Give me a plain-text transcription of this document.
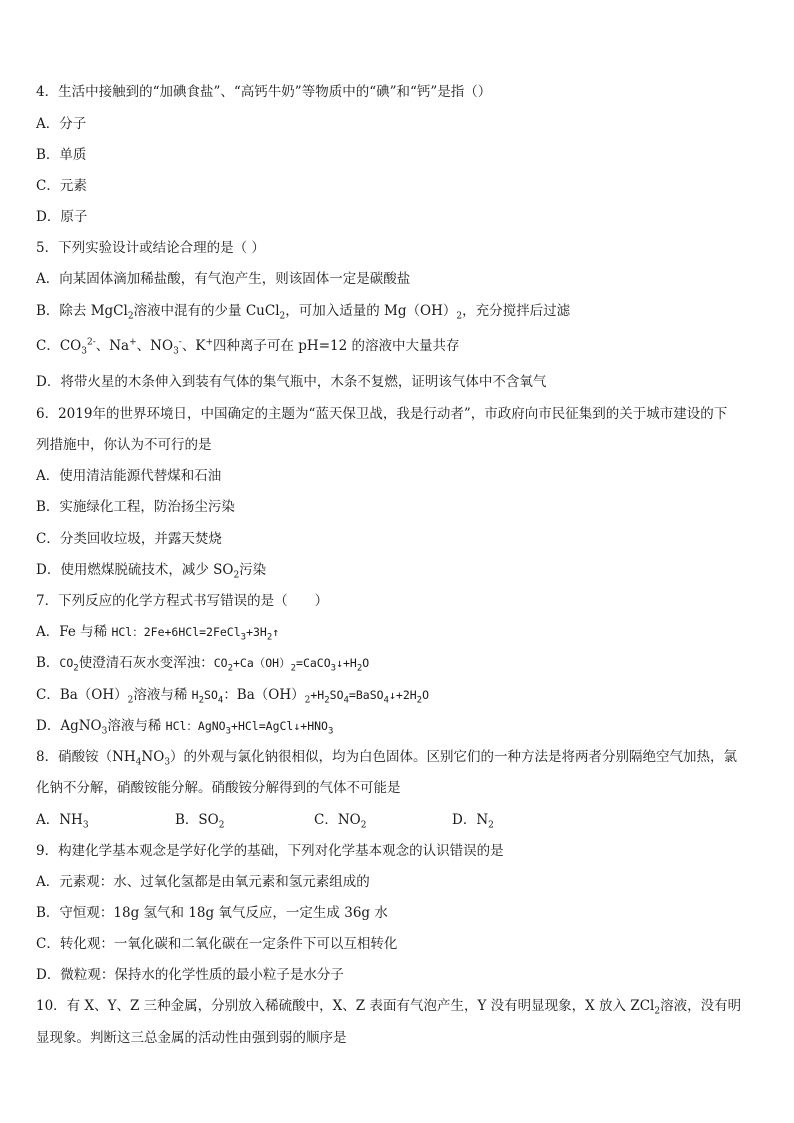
4．生活中接触到的“加碘食盐”、“高钙牛奶”等物质中的“碘”和“钙”是指（）
A．分子
B．单质
C．元素
D．原子
5．下列实验设计或结论合理的是（ ）
A．向某固体滴加稀盐酸，有气泡产生，则该固体一定是碳酸盐
B．除去 MgCl$_2$溶液中混有的少量 CuCl$_2$，可加入适量的 $Mg(OH)_2$，充分搅拌后过滤
C．$CO_3^{2-}$、Na+、$NO_3^-$、K+四种离子可在 pH=12 的溶液中大量共存
D．将带火星的木条伸入到装有气体的集气瓶中，木条不复燃，证明该气体中不含氧气
6．2019年的世界环境日，中国确定的主题为“蓝天保卫战，我是行动者”，市政府向市民征集到的关于城市建设的下
列措施中，你认为不可行的是
A．使用清洁能源代替煤和石油
B．实施绿化工程，防治扬尘污染
C．分类回收垃圾，并露天焚烧
D．使用燃煤脱硫技术，减少 $SO_2$污染
7．下列反应的化学方程式书写错误的是（　　）
A．Fe 与稀 HCl：$2Fe+6HCl=2FeCl_3+3H_2↑$
B．$CO_2$使澄清石灰水变浑浊：$CO_2+Ca(OH)_2=CaCO_3↓+H_2O$
C．$Ba(OH)_2$溶液与稀 $H_2SO_4$：$Ba(OH)_2+H_2SO_4=BaSO_4↓+2H_2O$
D．AgNO$_3$溶液与稀 HCl：$AgNO_3+HCl=AgCl↓+HNO_3$
8．硝酸铵$(NH_4NO_3)$的外观与氯化钠很相似，均为白色固体。区别它们的一种方法是将两者分别隔绝空气加热，氯
化钠不分解，硝酸铵能分解。硝酸铵分解得到的气体不可能是
A．$NH_3$	B．$SO_2$	C．$NO_2$	D．$N_2$
9．构建化学基本观念是学好化学的基础，下列对化学基本观念的认识错误的是
A．元素观：水、过氧化氢都是由氧元素和氢元素组成的
B．守恒观：18g 氢气和 18g 氧气反应，一定生成 36g 水
C．转化观：一氧化碳和二氧化碳在一定条件下可以互相转化
D．微粒观：保持水的化学性质的最小粒子是水分子
10．有 X、Y、Z 三种金属，分别放入稀硫酸中，X、Z 表面有气泡产生，Y 没有明显现象，X 放入 ZCl$_2$溶液，没有明
显现象。判断这三总金属的活动性由强到弱的顺序是
